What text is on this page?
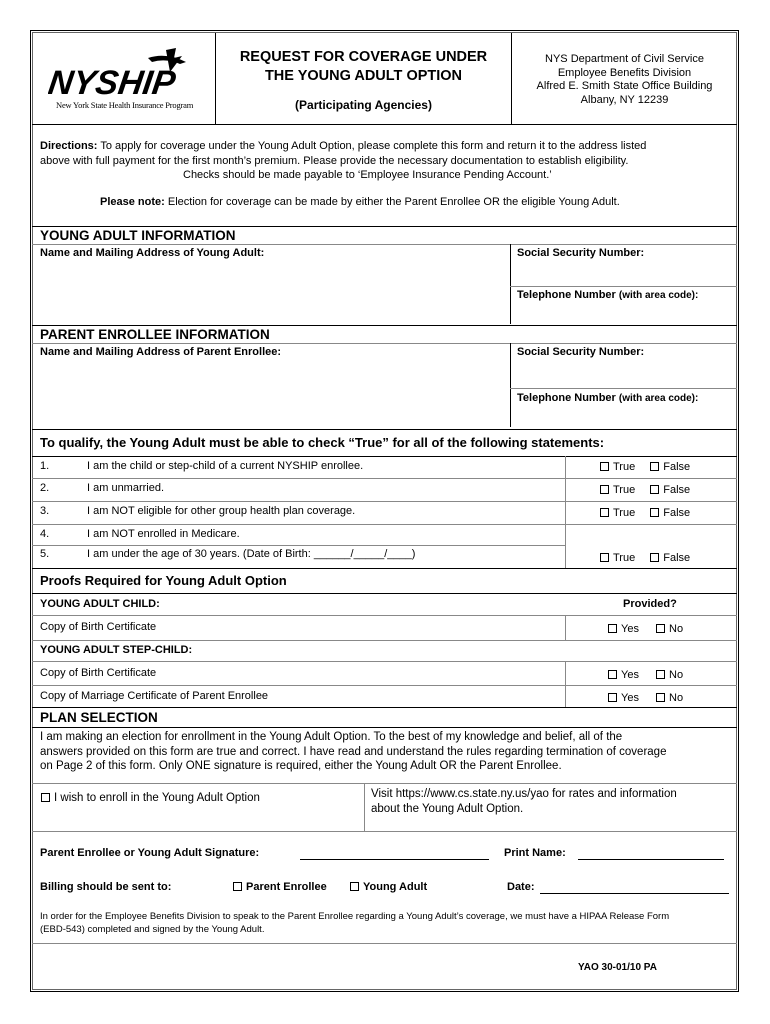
NYSHIP
New York State Health Insurance Program
REQUEST FOR COVERAGE UNDER
THE YOUNG ADULT OPTION
(Participating Agencies)
NYS Department of Civil Service
Employee Benefits Division
Alfred E. Smith State Office Building
Albany, NY 12239
Directions: To apply for coverage under the Young Adult Option, please complete this form and return it to the address listed
above with full payment for the first month’s premium. Please provide the necessary documentation to establish eligibility.
Checks should be made payable to ‘Employee Insurance Pending Account.’
Please note: Election for coverage can be made by either the Parent Enrollee OR the eligible Young Adult.
YOUNG ADULT INFORMATION
Name and Mailing Address of Young Adult:	Social Security Number:
Telephone Number (with area code):
PARENT ENROLLEE INFORMATION
Name and Mailing Address of Parent Enrollee:	Social Security Number:
Telephone Number (with area code):
To qualify, the Young Adult must be able to check “True” for all of the following statements:
1.	I am the child or step-child of a current NYSHIP enrollee.	True	False
2.	I am unmarried.	True	False
3.	I am NOT eligible for other group health plan coverage.	True	False
4.	I am NOT enrolled in Medicare.
5.	I am under the age of 30 years. (Date of Birth: ______/_____/____)	True	False
Proofs Required for Young Adult Option
YOUNG ADULT CHILD:	Provided?
Copy of Birth Certificate	Yes	No
YOUNG ADULT STEP-CHILD:
Copy of Birth Certificate	Yes	No
Copy of Marriage Certificate of Parent Enrollee	Yes	No
PLAN SELECTION
I am making an election for enrollment in the Young Adult Option. To the best of my knowledge and belief, all of the
answers provided on this form are true and correct. I have read and understand the rules regarding termination of coverage
on Page 2 of this form. Only ONE signature is required, either the Young Adult OR the Parent Enrollee.
I wish to enroll in the Young Adult Option	Visit https://www.cs.state.ny.us/yao for rates and information
about the Young Adult Option.
Parent Enrollee or Young Adult Signature:	Print Name:
Billing should be sent to:	Parent Enrollee	Young Adult	Date:
In order for the Employee Benefits Division to speak to the Parent Enrollee regarding a Young Adult’s coverage, we must have a HIPAA Release Form
(EBD-543) completed and signed by the Young Adult.
YAO 30-01/10 PA
